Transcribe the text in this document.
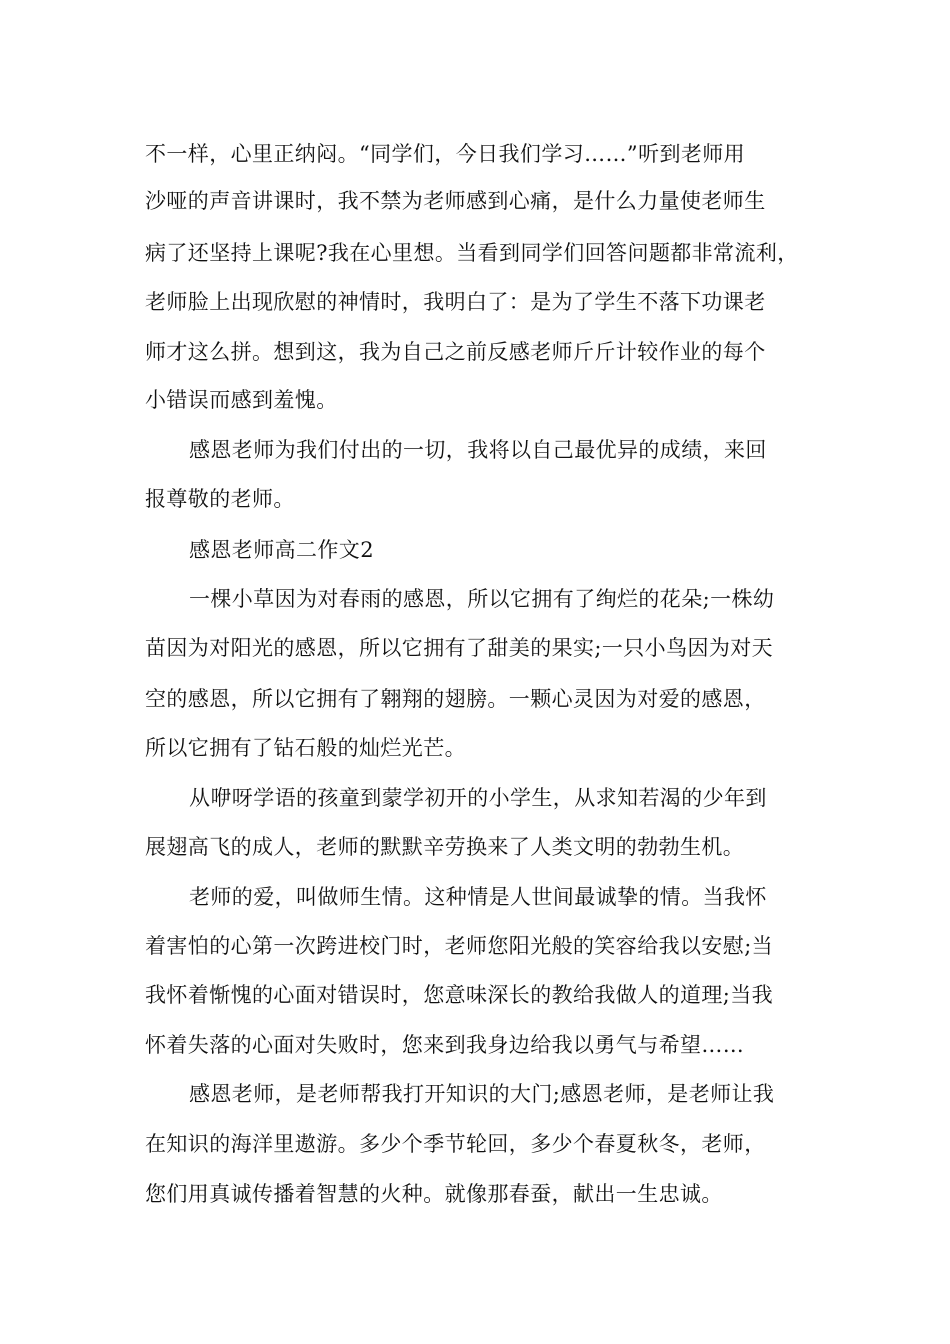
不一样，心里正纳闷。“同学们，今日我们学习……”听到老师用

沙哑的声音讲课时，我不禁为老师感到心痛，是什么力量使老师生

病了还坚持上课呢?我在心里想。当看到同学们回答问题都非常流利，

老师脸上出现欣慰的神情时，我明白了：是为了学生不落下功课老

师才这么拼。想到这，我为自己之前反感老师斤斤计较作业的每个

小错误而感到羞愧。

感恩老师为我们付出的一切，我将以自己最优异的成绩，来回

报尊敬的老师。

感恩老师高二作文2

一棵小草因为对春雨的感恩，所以它拥有了绚烂的花朵;一株幼

苗因为对阳光的感恩，所以它拥有了甜美的果实;一只小鸟因为对天

空的感恩，所以它拥有了翱翔的翅膀。一颗心灵因为对爱的感恩，

所以它拥有了钻石般的灿烂光芒。

从咿呀学语的孩童到蒙学初开的小学生，从求知若渴的少年到

展翅高飞的成人，老师的默默辛劳换来了人类文明的勃勃生机。

老师的爱，叫做师生情。这种情是人世间最诚挚的情。当我怀

着害怕的心第一次跨进校门时，老师您阳光般的笑容给我以安慰;当

我怀着惭愧的心面对错误时，您意味深长的教给我做人的道理;当我

怀着失落的心面对失败时，您来到我身边给我以勇气与希望……

感恩老师，是老师帮我打开知识的大门;感恩老师，是老师让我

在知识的海洋里遨游。多少个季节轮回，多少个春夏秋冬，老师，

您们用真诚传播着智慧的火种。就像那春蚕，献出一生忠诚。
